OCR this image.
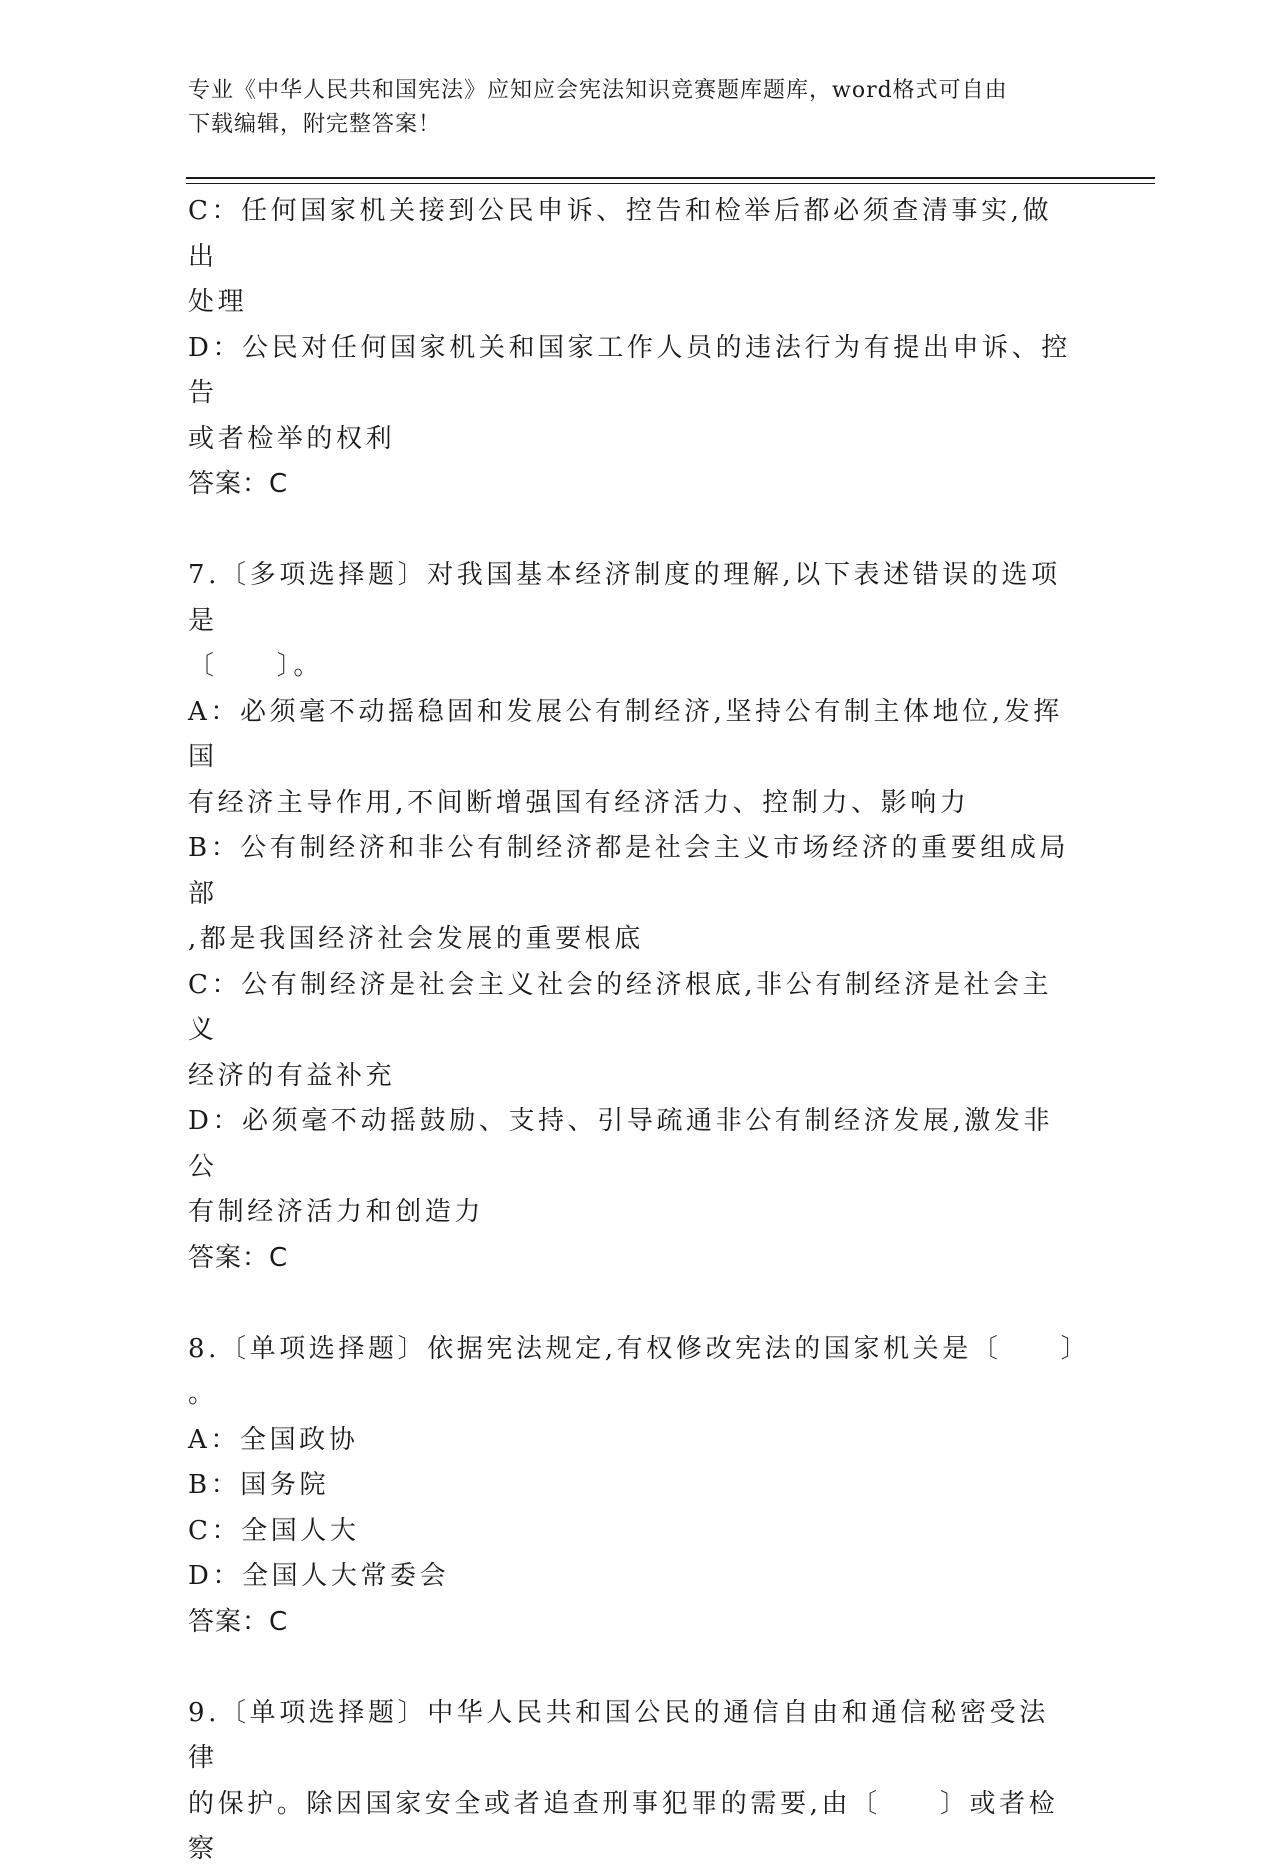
专业《中华人民共和国宪法》应知应会宪法知识竞赛题库题库，word格式可自由
下载编辑，附完整答案！

C：任何国家机关接到公民申诉、控告和检举后都必须查清事实,做出

处理

D：公民对任何国家机关和国家工作人员的违法行为有提出申诉、控告

或者检举的权利

答案：C

7.〔多项选择题〕对我国基本经济制度的理解,以下表述错误的选项是

〔　　〕。

A：必须毫不动摇稳固和发展公有制经济,坚持公有制主体地位,发挥国

有经济主导作用,不间断增强国有经济活力、控制力、影响力

B：公有制经济和非公有制经济都是社会主义市场经济的重要组成局部

,都是我国经济社会发展的重要根底

C：公有制经济是社会主义社会的经济根底,非公有制经济是社会主义

经济的有益补充

D：必须毫不动摇鼓励、支持、引导疏通非公有制经济发展,激发非公

有制经济活力和创造力

答案：C

8.〔单项选择题〕依据宪法规定,有权修改宪法的国家机关是〔　　〕

。

A：全国政协

B：国务院

C：全国人大

D：全国人大常委会

答案：C

9.〔单项选择题〕中华人民共和国公民的通信自由和通信秘密受法律

的保护。除因国家安全或者追查刑事犯罪的需要,由〔　　〕或者检察
